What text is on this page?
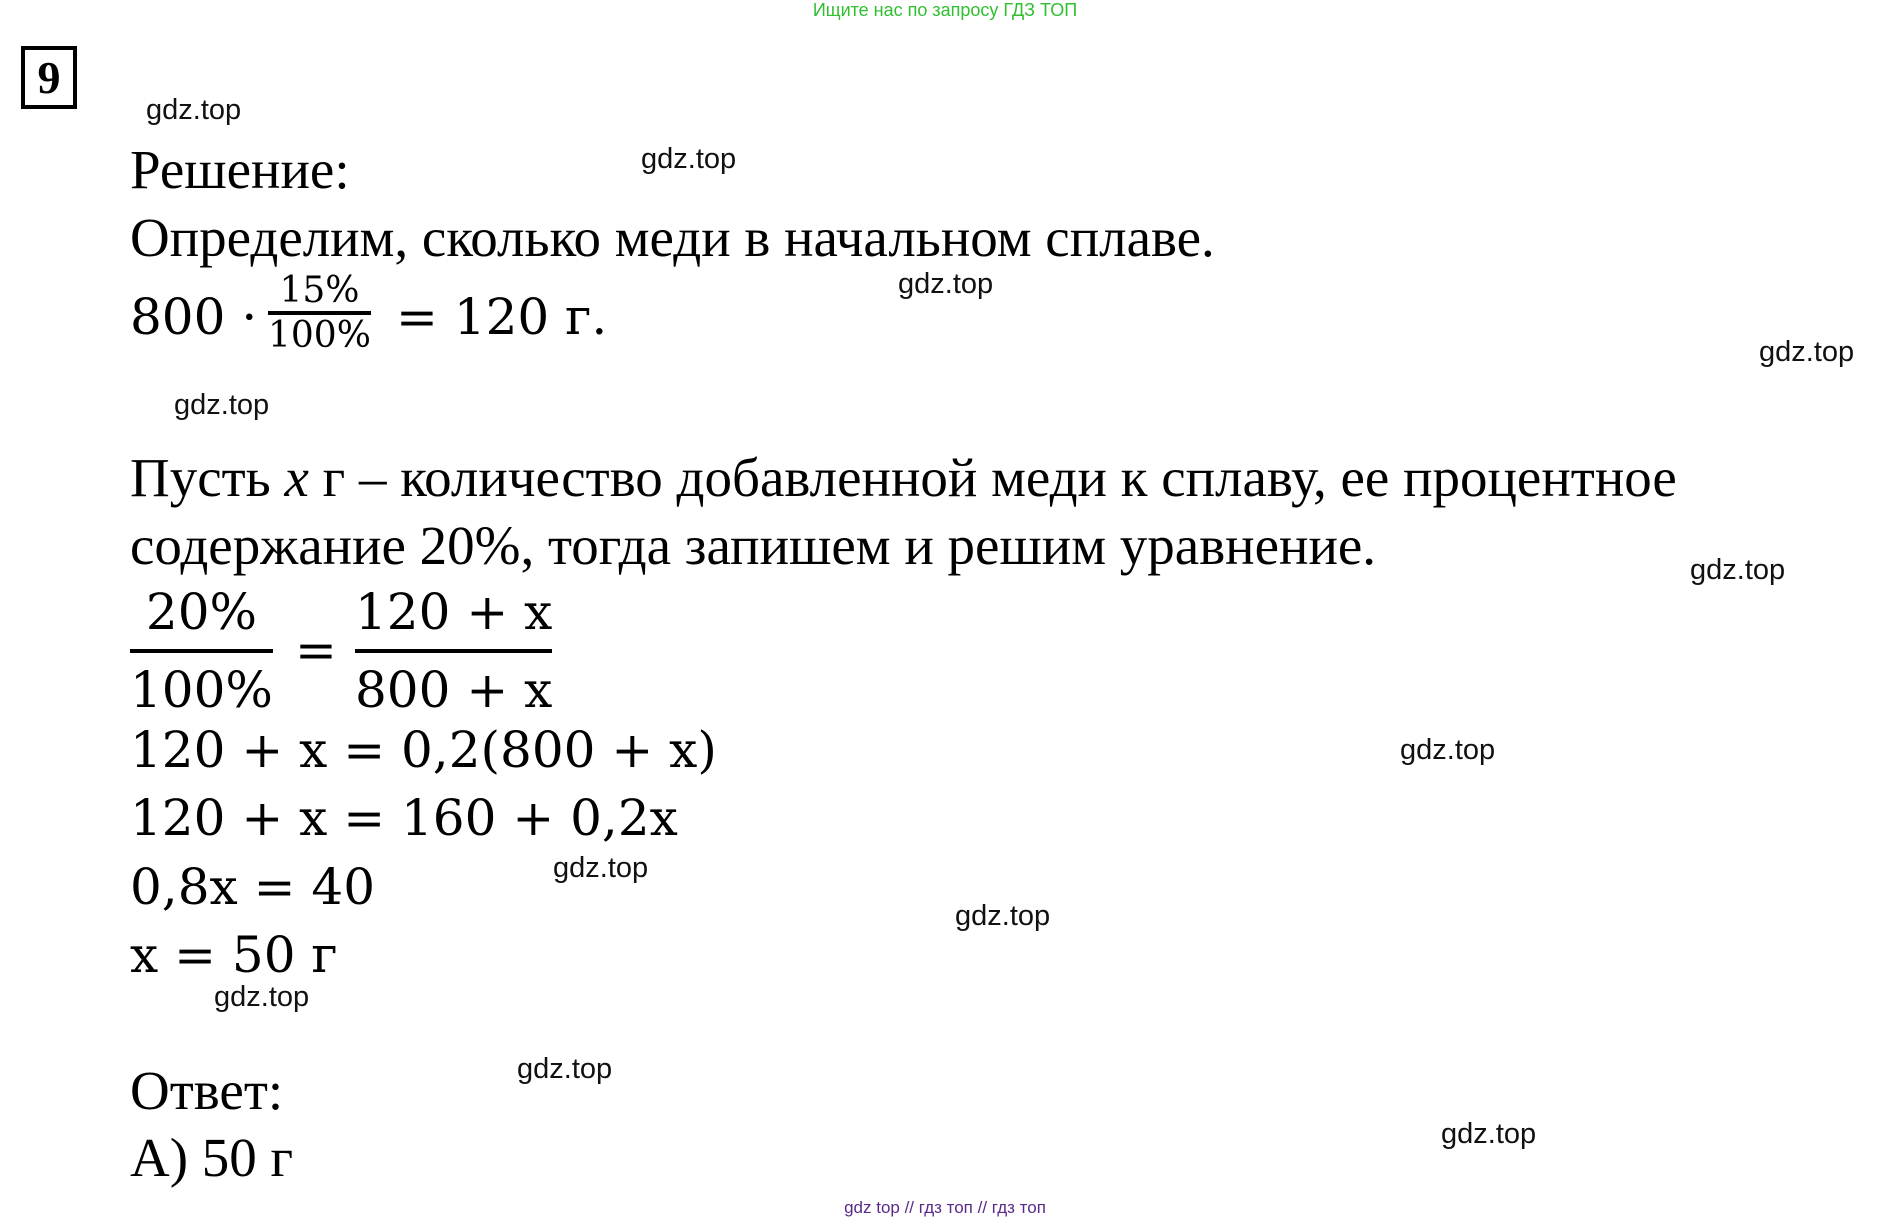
Ищите нас по запросу ГДЗ ТОП
9
gdz.top
gdz.top
gdz.top
gdz.top
gdz.top
gdz.top
gdz.top
gdz.top
gdz.top
gdz.top
gdz.top
gdz.top
Решение:
Определим, сколько меди в начальном сплаве.
800 · 15%
100% = 120 г.
Пусть x г – количество добавленной меди к сплаву, ее процентное
содержание 20%, тогда запишем и решим уравнение.
20%
100%
=
120 + x
800 + x
120 + x = 0,2(800 + x)
120 + x = 160 + 0,2x
0,8x = 40
x = 50 г
Ответ:
А) 50 г
gdz top // гдз топ // гдз топ
